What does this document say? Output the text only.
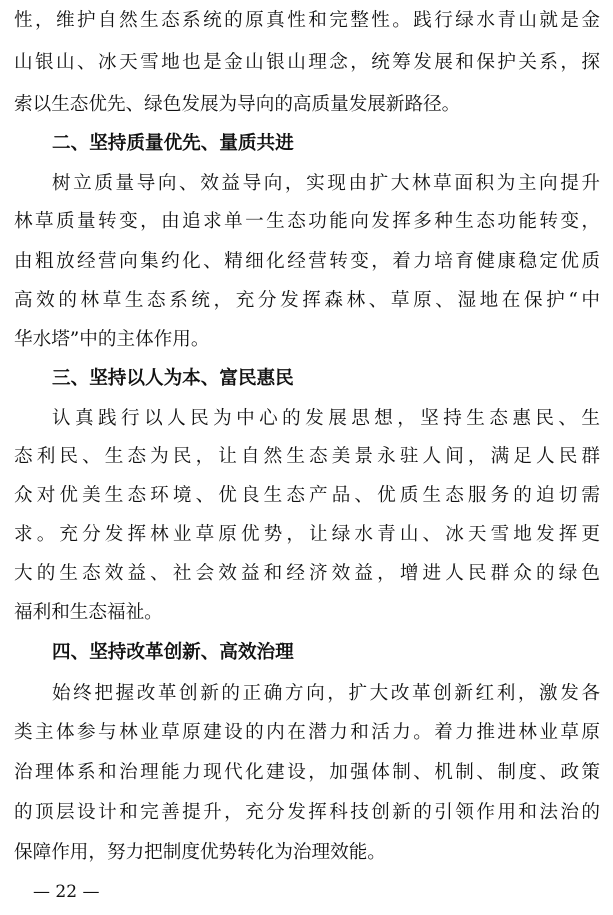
性，维护自然生态系统的原真性和完整性。践行绿水青山就是金
山银山、冰天雪地也是金山银山理念，统筹发展和保护关系，探
索以生态优先、绿色发展为导向的高质量发展新路径。
二、坚持质量优先、量质共进
树立质量导向、效益导向，实现由扩大林草面积为主向提升
林草质量转变，由追求单一生态功能向发挥多种生态功能转变，
由粗放经营向集约化、精细化经营转变，着力培育健康稳定优质
高效的林草生态系统，充分发挥森林、草原、湿地在保护“中
华水塔”中的主体作用。
三、坚持以人为本、富民惠民
认真践行以人民为中心的发展思想，坚持生态惠民、生
态利民、生态为民，让自然生态美景永驻人间，满足人民群
众对优美生态环境、优良生态产品、优质生态服务的迫切需
求。充分发挥林业草原优势，让绿水青山、冰天雪地发挥更
大的生态效益、社会效益和经济效益，增进人民群众的绿色
福利和生态福祉。
四、坚持改革创新、高效治理
始终把握改革创新的正确方向，扩大改革创新红利，激发各
类主体参与林业草原建设的内在潜力和活力。着力推进林业草原
治理体系和治理能力现代化建设，加强体制、机制、制度、政策
的顶层设计和完善提升，充分发挥科技创新的引领作用和法治的
保障作用，努力把制度优势转化为治理效能。
— 22 —
